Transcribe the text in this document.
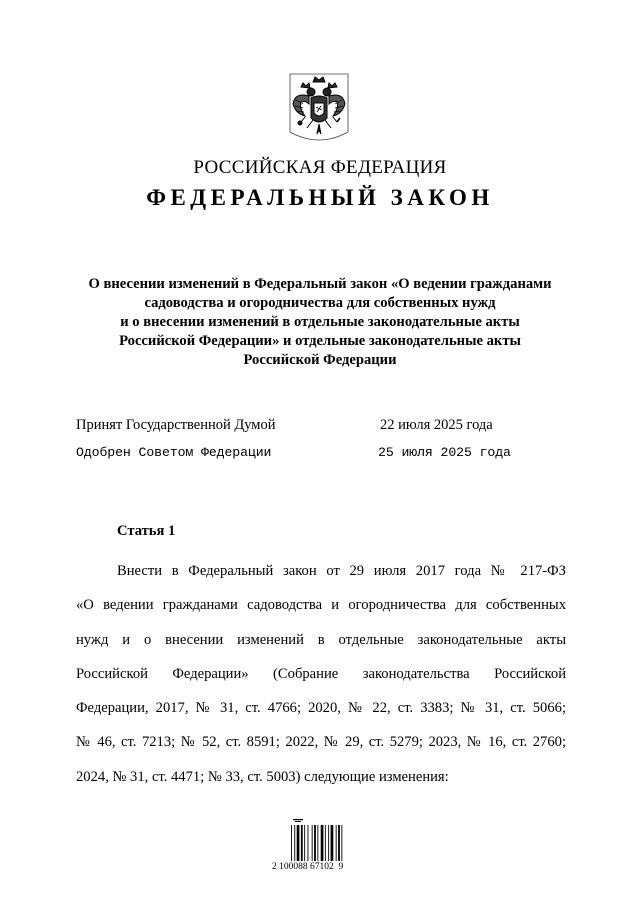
РОССИЙСКАЯ ФЕДЕРАЦИЯ
ФЕДЕРАЛЬНЫЙ ЗАКОН
О внесении изменений в Федеральный закон «О ведении гражданами
садоводства и огородничества для собственных нужд
и о внесении изменений в отдельные законодательные акты
Российской Федерации» и отдельные законодательные акты
Российской Федерации
Принят Государственной Думой	22 июля 2025 года
Одобрен Советом Федерации	25 июля 2025 года
Статья 1
Внести в Федеральный закон от 29 июля 2017 года № 217-ФЗ
«О ведении гражданами садоводства и огородничества для собственных
нужд и о внесении изменений в отдельные законодательные акты
Российской Федерации» (Собрание законодательства Российской
Федерации, 2017, № 31, ст. 4766; 2020, № 22, ст. 3383; № 31, ст. 5066;
№ 46, ст. 7213; № 52, ст. 8591; 2022, № 29, ст. 5279; 2023, № 16, ст. 2760;
2024, № 31, ст. 4471; № 33, ст. 5003) следующие изменения:
2 100088 67102  9
